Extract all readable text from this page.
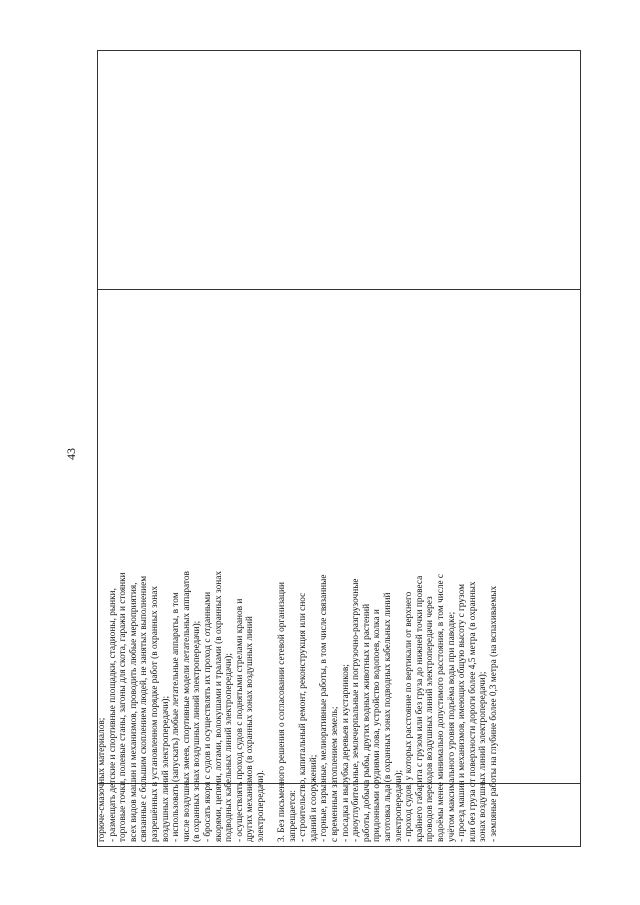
43

горюче-смазочных материалов; - размещать детские и спортивные площадки, стадионы, рынки, торговые точки, полевые станы, загоны для скота, гаражи и стоянки всех видов машин и механизмов, проводить любые мероприятия, связанные с большим скоплением людей, не занятых выполнением разрешённых в установленном порядке работ (в охранных зонах воздушных линий электропередачи); - использовать (запускать) любые летательные аппараты, в том числе воздушных змеев, спортивные модели летательных аппаратов (в охранных зонах воздушных линий электропередачи); - бросать якоря с судов и осуществлять их проход с отданными якорями, цепями, лотами, волокушами и тралами (в охранных зонах подводных кабельных линий электропередачи); - осуществлять проход судов с поднятыми стрелами кранов и других механизмов (в охранных зонах воздушных линий электропередачи). 3. Без письменного решения о согласовании сетевой организации запрещается: - строительство, капитальный ремонт, реконструкция или снос зданий и сооружений; - горные, взрывные, мелиоративные работы, в том числе связанные с временным затоплением земель; - посадка и вырубка деревьев и кустарников; - дноуглубительные, землечерпальные и погрузочно-разгрузочные работы, добыча рыбы, других водных животных и растений придонными орудиями лова, устройство водопоев, колка и заготовка льда (в охранных зонах подводных кабельных линий электропередачи); - проход судов, у которых расстояние по вертикали от верхнего крайнего габарита с грузом или без груза до нижней точки провеса проводов переходов воздушных линий электропередачи через водоёмы менее минимально допустимого расстояния, в том числе с учётом максимального уровня подъёма воды при паводке; - проезд машин и механизмов, имеющих общую высоту с грузом или без груза от поверхности дороги более 4,5 метра (в охранных зонах воздушных линий электропередачи); - земляные работы на глубине более 0,3 метра (на вспахиваемых
